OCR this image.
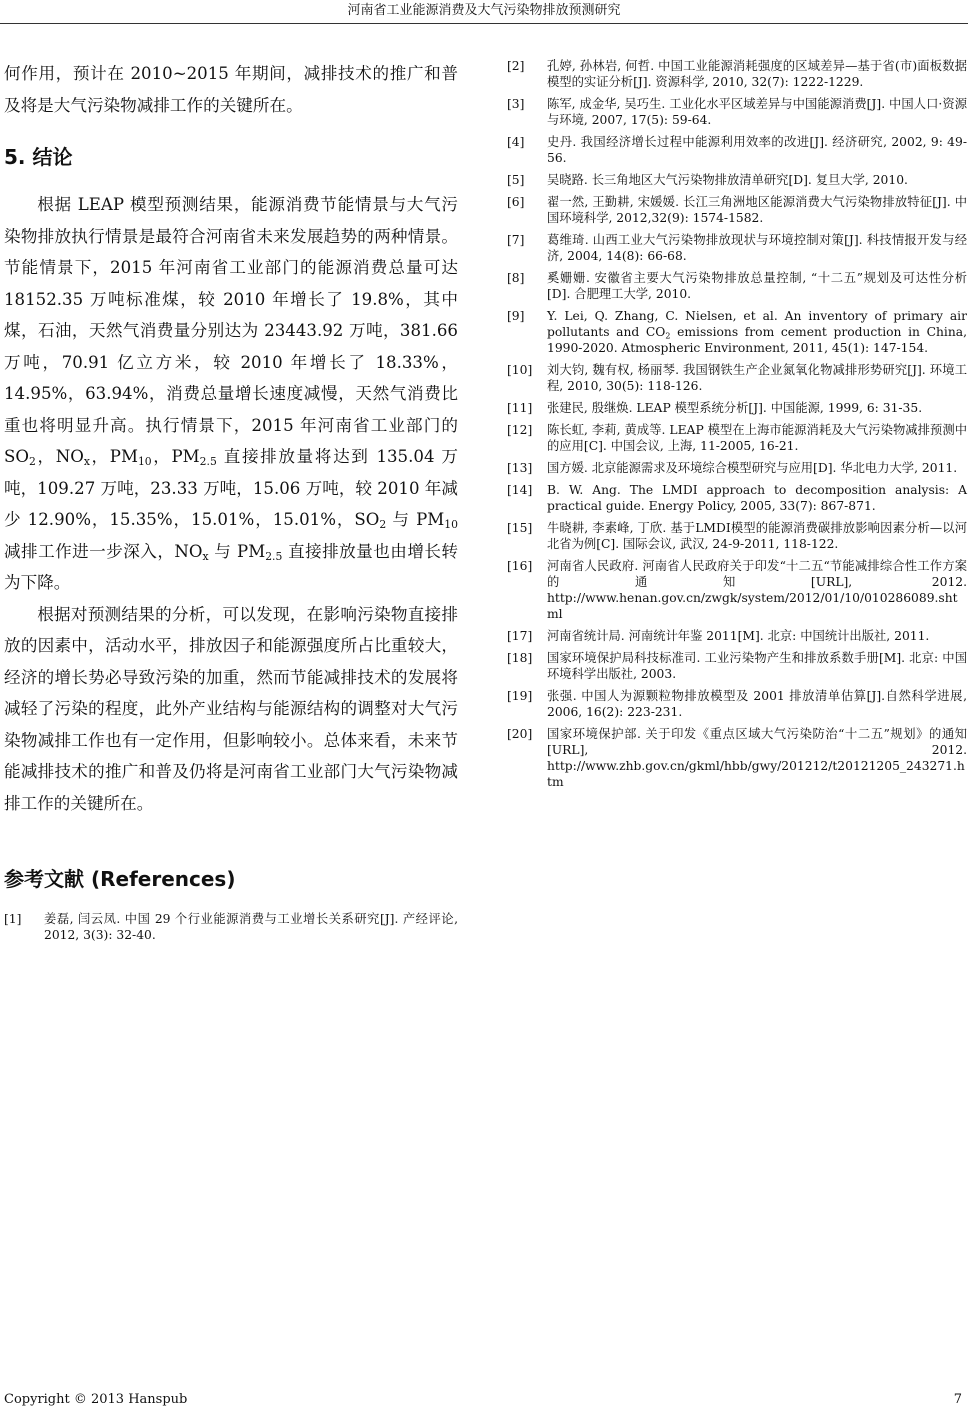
河南省工业能源消费及大气污染物排放预测研究

何作用，预计在 2010~2015 年期间，减排技术的推广和普及将是大气污染物减排工作的关键所在。

5. 结论

根据 LEAP 模型预测结果，能源消费节能情景与大气污染物排放执行情景是最符合河南省未来发展趋势的两种情景。节能情景下，2015 年河南省工业部门的能源消费总量可达 18152.35 万吨标准煤，较 2010 年增长了 19.8%，其中煤，石油，天然气消费量分别达为 23443.92 万吨，381.66 万吨，70.91 亿立方米，较 2010 年增长了 18.33%，14.95%，63.94%，消费总量增长速度减慢，天然气消费比重也将明显升高。执行情景下，2015 年河南省工业部门的 $SO_2$，$NO_x$，$PM_{10}$，$PM_{2.5}$ 直接排放量将达到 135.04 万吨，109.27 万吨，23.33 万吨，15.06 万吨，较 2010 年减少 12.90%，15.35%，15.01%，15.01%，$SO_2$ 与 $PM_{10}$ 减排工作进一步深入，$NO_x$ 与 $PM_{2.5}$ 直接排放量也由增长转为下降。

根据对预测结果的分析，可以发现，在影响污染物直接排放的因素中，活动水平，排放因子和能源强度所占比重较大，经济的增长势必导致污染的加重，然而节能减排技术的发展将减轻了污染的程度，此外产业结构与能源结构的调整对大气污染物减排工作也有一定作用，但影响较小。总体来看，未来节能减排技术的推广和普及仍将是河南省工业部门大气污染物减排工作的关键所在。

参考文献 (References)
[1]	姜磊, 闫云凤. 中国 29 个行业能源消费与工业增长关系研究[J]. 产经评论, 2012, 3(3): 32-40.
[2]	孔婷, 孙林岩, 何哲. 中国工业能源消耗强度的区域差异—基于省(市)面板数据模型的实证分析[J]. 资源科学, 2010, 32(7): 1222-1229.
[3]	陈军, 成金华, 吴巧生. 工业化水平区域差异与中国能源消费[J]. 中国人口·资源与环境, 2007, 17(5): 59-64.
[4]	史丹. 我国经济增长过程中能源利用效率的改进[J]. 经济研究, 2002, 9: 49-56.
[5]	吴晓路. 长三角地区大气污染物排放清单研究[D]. 复旦大学, 2010.
[6]	翟一然, 王勤耕, 宋媛媛. 长江三角洲地区能源消费大气污染物排放特征[J]. 中国环境科学, 2012,32(9): 1574-1582.
[7]	葛维琦. 山西工业大气污染物排放现状与环境控制对策[J]. 科技情报开发与经济, 2004, 14(8): 66-68.
[8]	奚姗姗. 安徽省主要大气污染物排放总量控制, “十二五”规划及可达性分析[D]. 合肥理工大学, 2010.
[9]	Y. Lei, Q. Zhang, C. Nielsen, et al. An inventory of primary air pollutants and $CO_2$ emissions from cement production in China, 1990-2020. Atmospheric Environment, 2011, 45(1): 147-154.
[10]	刘大钧, 魏有权, 杨丽琴. 我国钢铁生产企业氮氧化物减排形势研究[J]. 环境工程, 2010, 30(5): 118-126.
[11]	张建民, 殷继焕. LEAP 模型系统分析[J]. 中国能源, 1999, 6: 31-35.
[12]	陈长虹, 李莉, 黄成等. LEAP 模型在上海市能源消耗及大气污染物减排预测中的应用[C]. 中国会议, 上海, 11-2005, 16-21.
[13]	国方媛. 北京能源需求及环境综合模型研究与应用[D]. 华北电力大学, 2011.
[14]	B. W. Ang. The LMDI approach to decomposition analysis: A practical guide. Energy Policy, 2005, 33(7): 867-871.
[15]	牛晓耕, 李素峰, 丁欣. 基于LMDI模型的能源消费碳排放影响因素分析—以河北省为例[C]. 国际会议, 武汉, 24-9-2011, 118-122.
[16]	河南省人民政府. 河南省人民政府关于印发“十二五“节能减排综合性工作方案的通知[URL], 2012. http://www.henan.gov.cn/zwgk/system/2012/01/10/010286089.shtml
[17]	河南省统计局. 河南统计年鉴 2011[M]. 北京: 中国统计出版社, 2011.
[18]	国家环境保护局科技标准司. 工业污染物产生和排放系数手册[M]. 北京: 中国环境科学出版社, 2003.
[19]	张强. 中国人为源颗粒物排放模型及 2001 排放清单估算[J].自然科学进展, 2006, 16(2): 223-231.
[20]	国家环境保护部. 关于印发《重点区域大气污染防治“十二五”规划》的通知[URL], 2012. http://www.zhb.gov.cn/gkml/hbb/gwy/201212/t20121205_243271.htm
Copyright © 2013 Hanspub	7
